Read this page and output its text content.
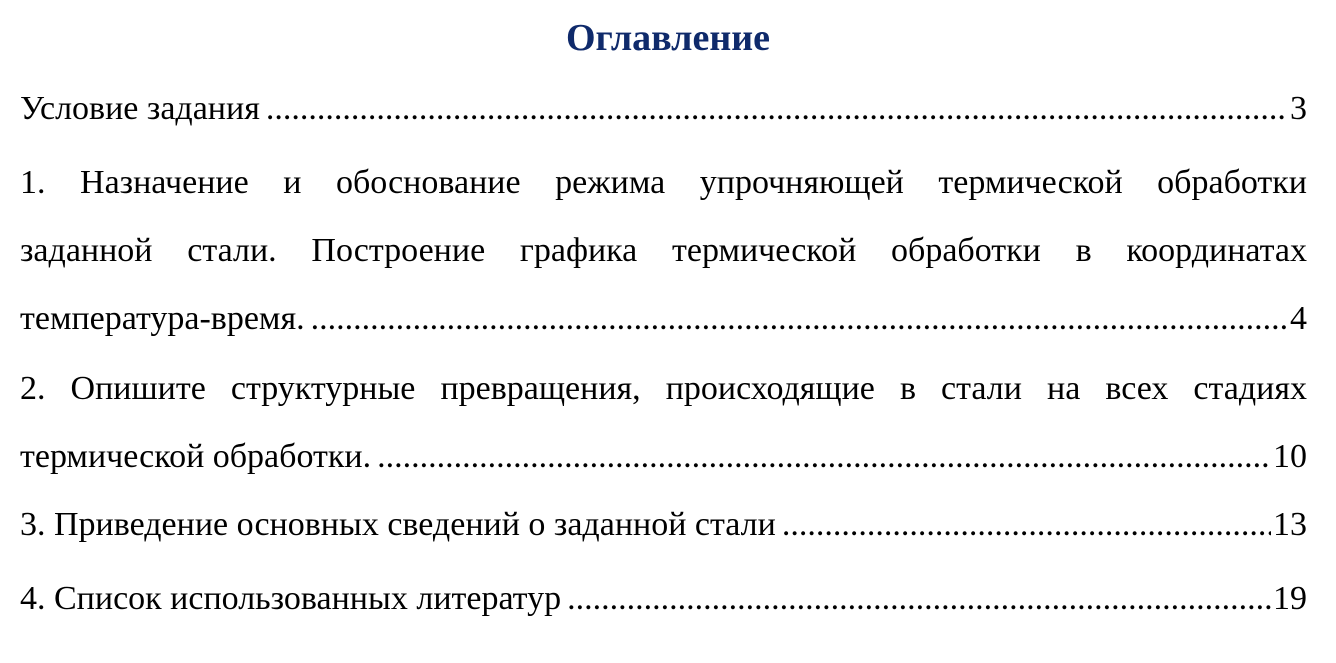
Оглавление
Условие задания .....	3
1. Назначение и обоснование режима упрочняющей термической обработки
заданной стали. Построение графика термической обработки в координатах
температура-время. .....	4
2. Опишите структурные превращения, происходящие в стали на всех стадиях
термической обработки. .....	10
3. Приведение основных сведений о заданной стали .....	13
4. Список использованных литератур .....	19
